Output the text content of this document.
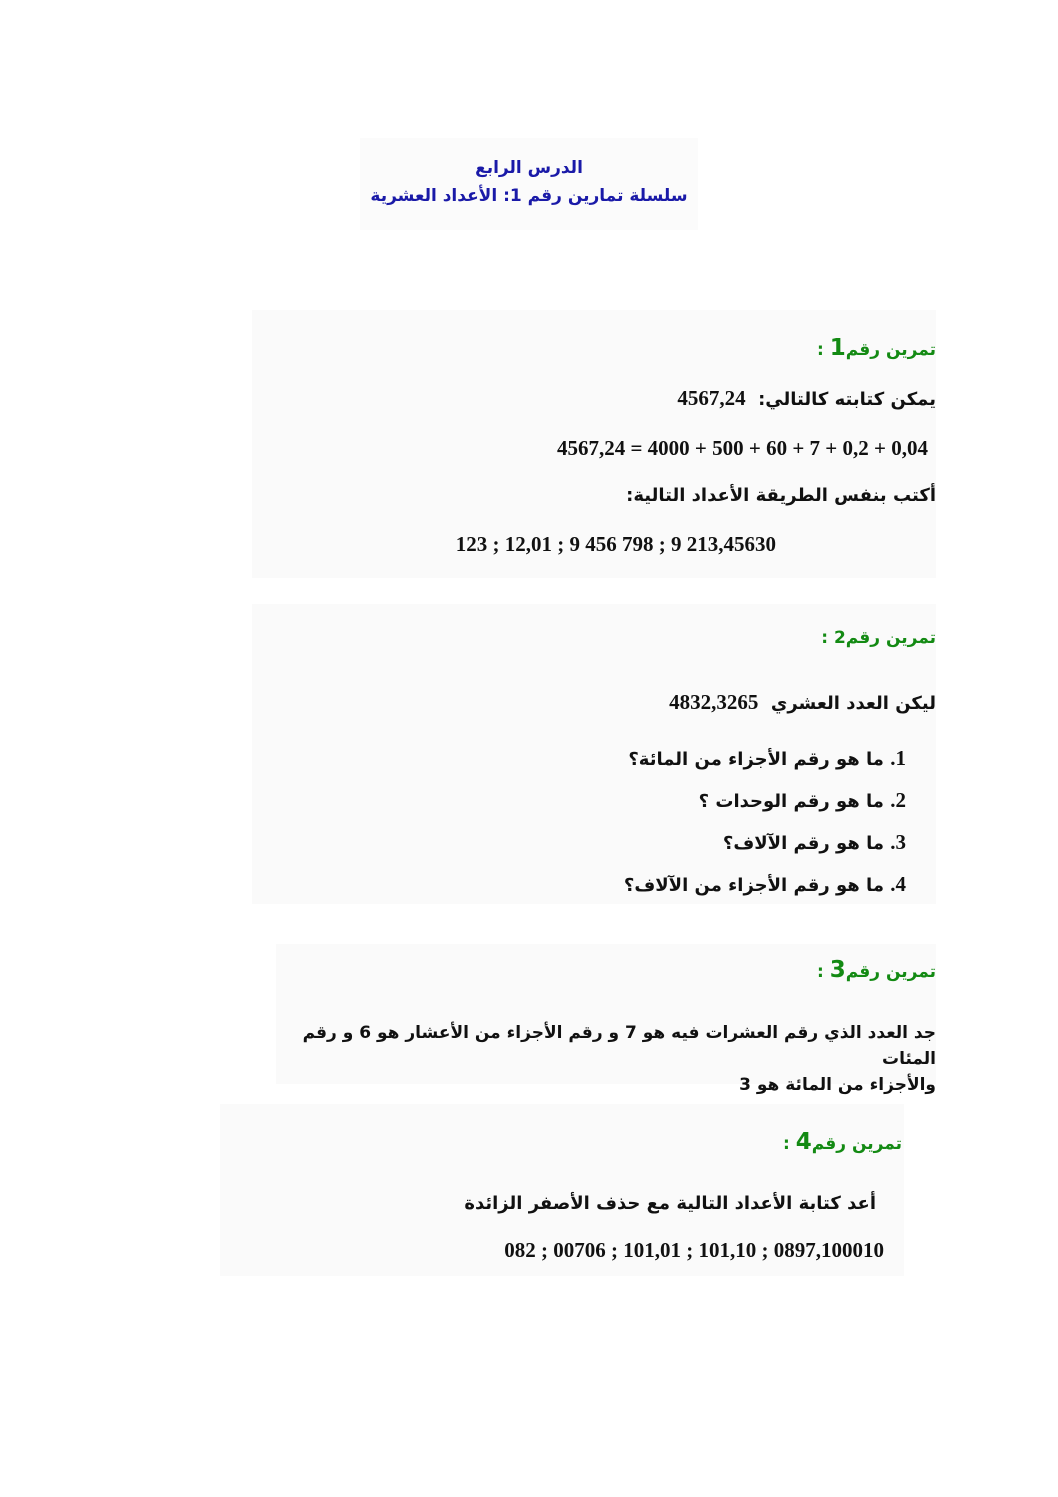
الدرس الرابع
سلسلة تمارين رقم 1: الأعداد العشرية
تمرين رقم1 :
يمكن كتابته كالتالي:  4567,24
4567,24 = 4000 + 500 + 60 + 7 + 0,2 + 0,04
أكتب بنفس الطريقة الأعداد التالية:
123 ; 12,01 ; 9 456 798 ; 9 213,45630
تمرين رقم2 :
ليكن العدد العشري  4832,3265
1. ما هو رقم الأجزاء من المائة؟
2. ما هو رقم الوحدات ؟
3. ما هو رقم الآلاف؟
4. ما هو رقم الأجزاء من الآلاف؟
تمرين رقم3 :
جد العدد الذي رقم العشرات فيه هو 7 و رقم الأجزاء من الأعشار هو 6 و رقم المئات
والأجزاء من المائة هو 3
تمرين رقم4 :
أعد كتابة الأعداد التالية مع حذف الأصفر الزائدة
082 ; 00706 ; 101,01 ; 101,10 ; 0897,100010
